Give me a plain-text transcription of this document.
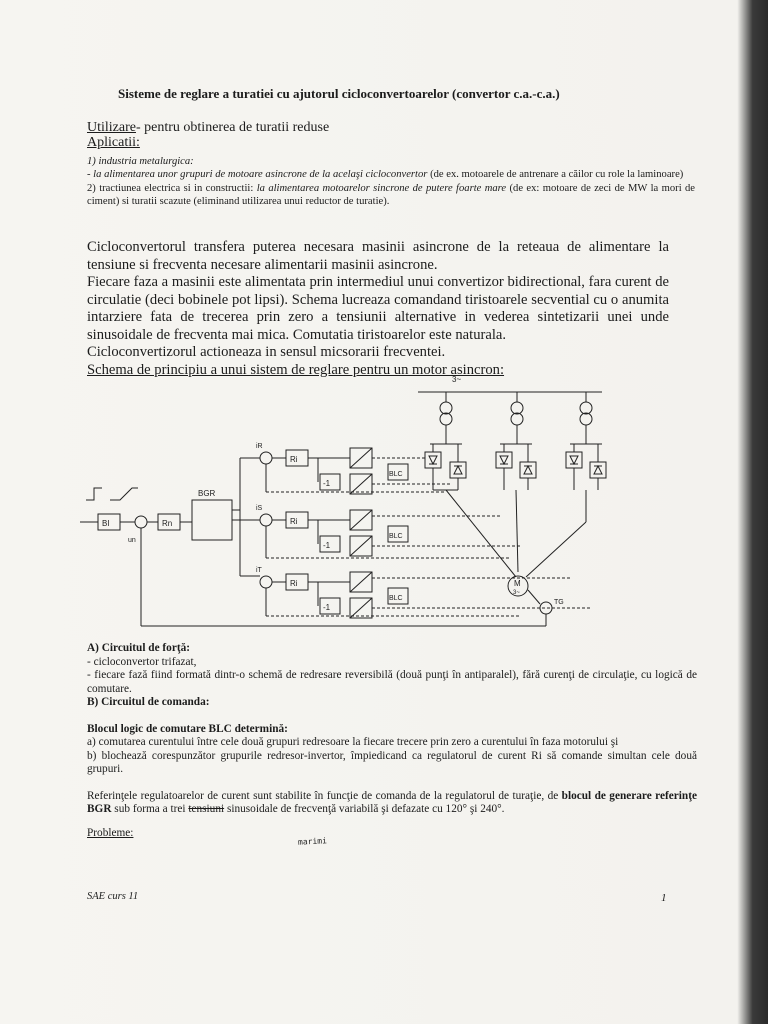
Sisteme de reglare a turatiei cu ajutorul cicloconvertoarelor (convertor c.a.-c.a.)
Utilizare- pentru obtinerea de turatii reduse
Aplicatii:
1) industria metalurgica:
- la alimentarea unor grupuri de motoare asincrone de la acelaşi cicloconvertor (de ex. motoarele de antrenare a căilor cu role la laminoare)
2) tractiunea electrica si in constructii: la alimentarea motoarelor sincrone de putere foarte mare (de ex: motoare de zeci de MW la mori de ciment) si turatii scazute (eliminand utilizarea unui reductor de turatie).
Cicloconvertorul transfera puterea necesara masinii asincrone de la reteaua de alimentare la tensiune si frecventa necesare alimentarii masinii asincrone.
Fiecare faza a masinii este alimentata prin intermediul unui convertizor bidirectional, fara curent de circulatie (deci bobinele pot lipsi). Schema lucreaza comandand tiristoarele secvential cu o anumita intarziere fata de trecerea prin zero a tensiunii alternative in vederea sintetizarii unei unde sinusoidale de frecventa mai mica. Comutatia tiristoarelor este naturala.
Cicloconvertizorul actioneaza in sensul micsorarii frecventei.
Schema de principiu a unui sistem de reglare pentru un motor asincron:
3~
BI	Rn
BGR
un
Ri
-1
BLC
iR
Ri
-1
BLC
iS
Ri
-1
BLC
iT
M
3~
TG
A) Circuitul de forţă:
- cicloconvertor trifazat,
- fiecare fază fiind formată dintr-o schemă de redresare reversibilă (două punţi în antiparalel), fără curenţi de circulaţie, cu logică de comutare.
B) Circuitul de comanda:
Blocul logic de comutare BLC determină:
a) comutarea curentului între cele două grupuri redresoare la fiecare trecere prin zero a curentului în faza motorului şi
b) blochează corespunzător grupurile redresor-invertor, împiedicand ca regulatorul de curent Ri să comande simultan cele două grupuri.
Referinţele regulatoarelor de curent sunt stabilite în funcţie de comanda de la regulatorul de turaţie, de blocul de generare referinţe BGR sub forma a trei tensiuni sinusoidale de frecvenţă variabilă şi defazate cu 120° şi 240°.
Probleme:
marimi
SAE curs 11	1
